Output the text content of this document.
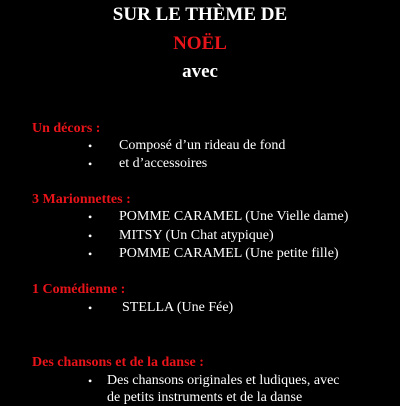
SUR LE THÈME DE
NOËL
avec
Un décors :
• Composé d’un rideau de fond
• et d’accessoires
3 Marionnettes :
• POMME CARAMEL (Une Vielle dame)
• MITSY (Un Chat atypique)
• POMME CARAMEL (Une petite fille)
1 Comédienne :
• STELLA (Une Fée)
Des chansons et de la danse :
• Des chansons originales et ludiques, avec
de petits instruments et de la danse
